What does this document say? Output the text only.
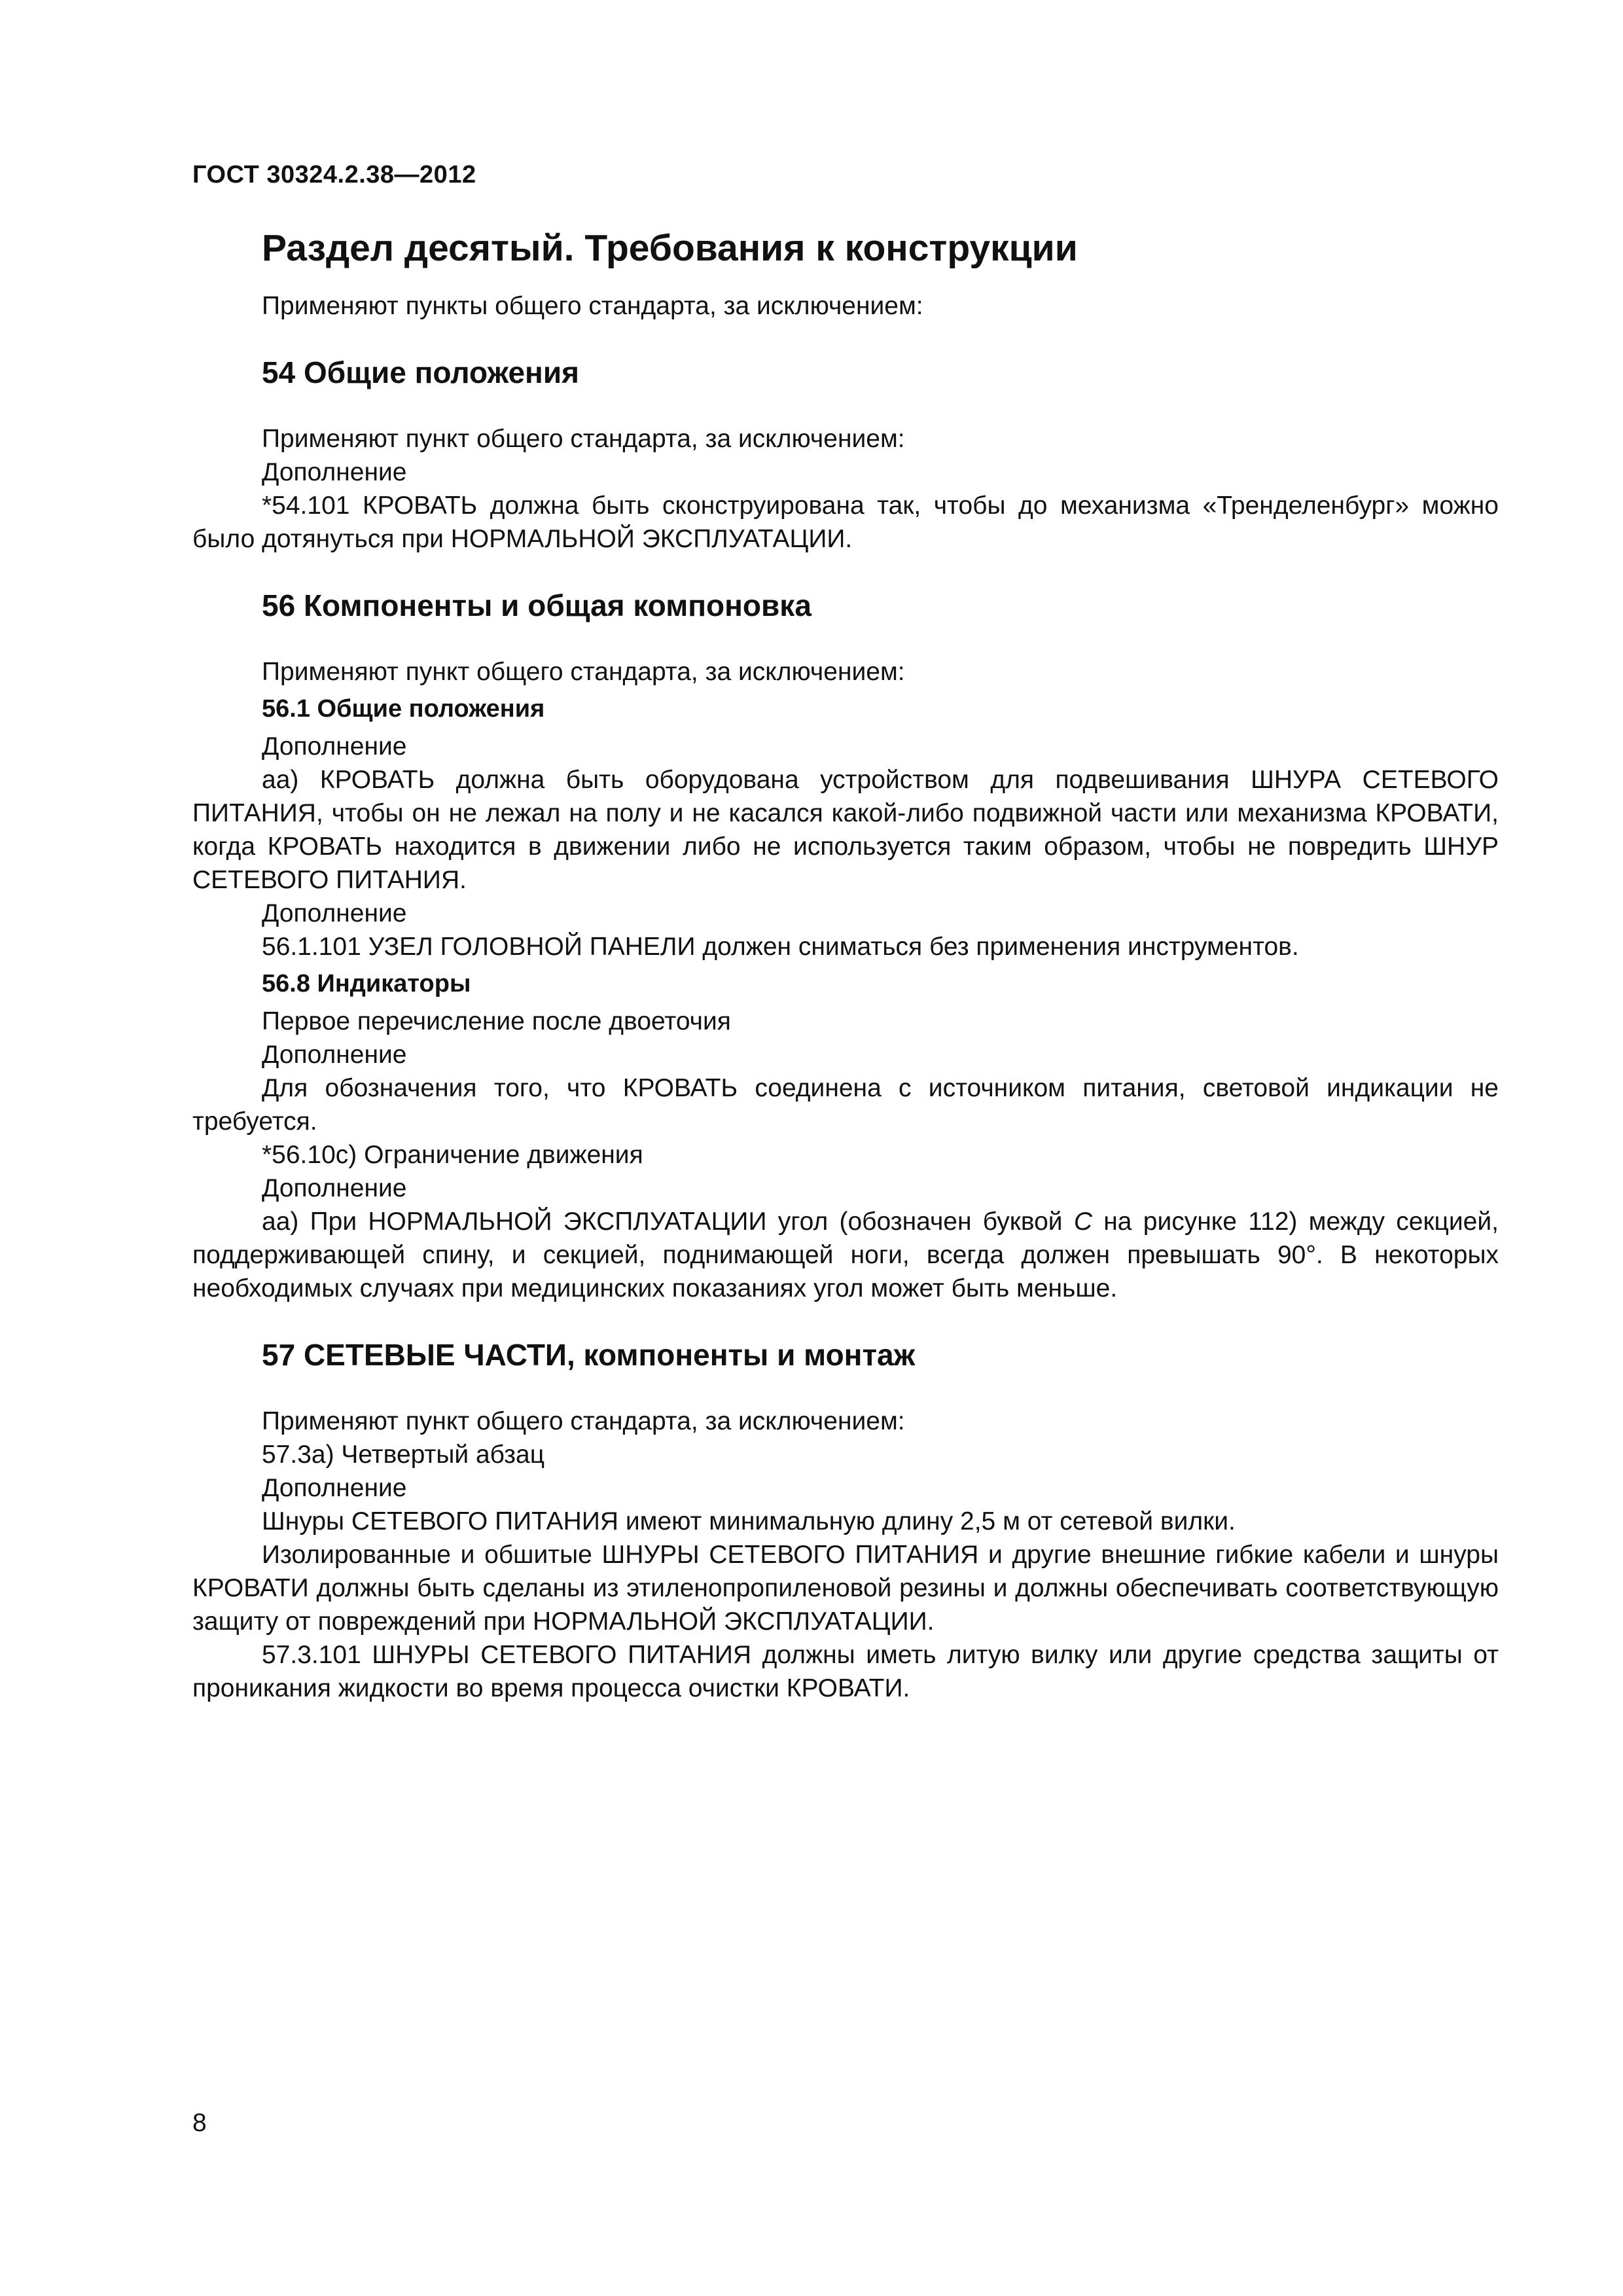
ГОСТ 30324.2.38—2012
Раздел десятый. Требования к конструкции

Применяют пункты общего стандарта, за исключением:

54 Общие положения

Применяют пункт общего стандарта, за исключением:

Дополнение

*54.101 КРОВАТЬ должна быть сконструирована так, чтобы до механизма «Тренделенбург» можно было дотянуться при НОРМАЛЬНОЙ ЭКСПЛУАТАЦИИ.

56 Компоненты и общая компоновка

Применяют пункт общего стандарта, за исключением:

56.1 Общие положения

Дополнение

аа) КРОВАТЬ должна быть оборудована устройством для подвешивания ШНУРА СЕТЕВОГО ПИТАНИЯ, чтобы он не лежал на полу и не касался какой-либо подвижной части или механизма КРОВАТИ, когда КРОВАТЬ находится в движении либо не используется таким образом, чтобы не повредить ШНУР СЕТЕВОГО ПИТАНИЯ.

Дополнение

56.1.101 УЗЕЛ ГОЛОВНОЙ ПАНЕЛИ должен сниматься без применения инструментов.

56.8 Индикаторы

Первое перечисление после двоеточия

Дополнение

Для обозначения того, что КРОВАТЬ соединена с источником питания, световой индикации не требуется.

*56.10c) Ограничение движения

Дополнение

аа) При НОРМАЛЬНОЙ ЭКСПЛУАТАЦИИ угол (обозначен буквой C на рисунке 112) между секцией, поддерживающей спину, и секцией, поднимающей ноги, всегда должен превышать 90°. В некоторых необходимых случаях при медицинских показаниях угол может быть меньше.

57 СЕТЕВЫЕ ЧАСТИ, компоненты и монтаж

Применяют пункт общего стандарта, за исключением:

57.3а) Четвертый абзац

Дополнение

Шнуры СЕТЕВОГО ПИТАНИЯ имеют минимальную длину 2,5 м от сетевой вилки.

Изолированные и обшитые ШНУРЫ СЕТЕВОГО ПИТАНИЯ и другие внешние гибкие кабели и шнуры КРОВАТИ должны быть сделаны из этиленопропиленовой резины и должны обеспечивать соответствующую защиту от повреждений при НОРМАЛЬНОЙ ЭКСПЛУАТАЦИИ.

57.3.101 ШНУРЫ СЕТЕВОГО ПИТАНИЯ должны иметь литую вилку или другие средства защиты от проникания жидкости во время процесса очистки КРОВАТИ.

8
